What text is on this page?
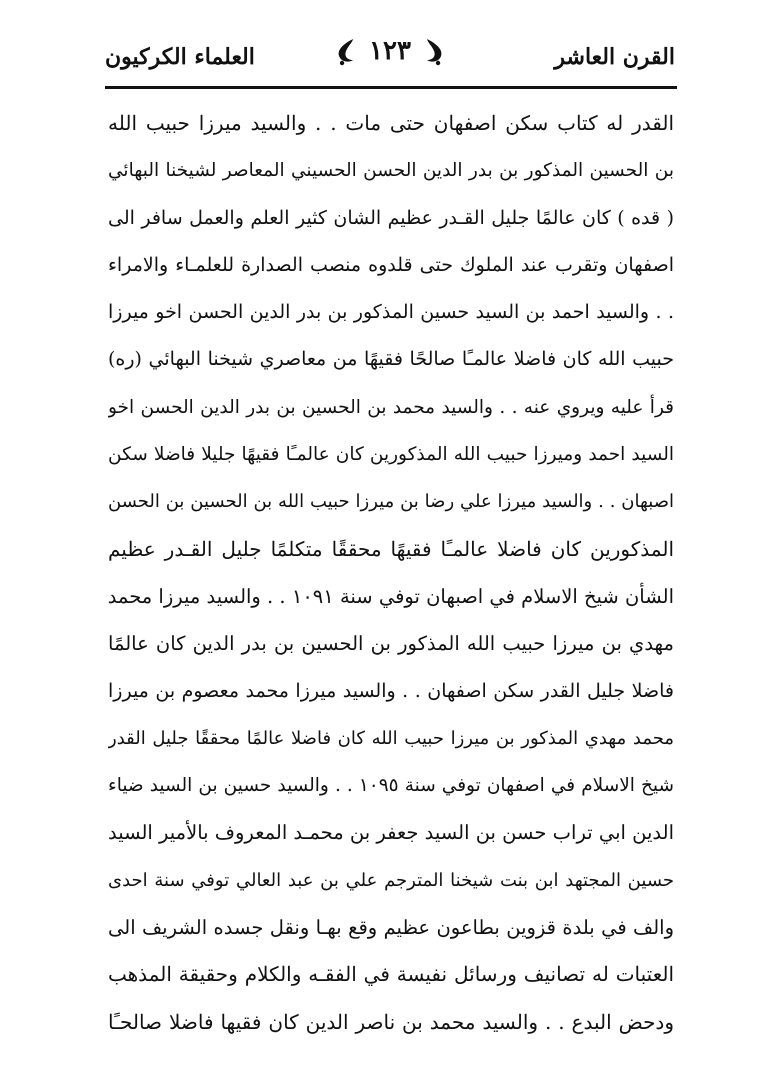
القرن العاشر
١٢٣
العلماء الكركيون
القدر له كتاب سكن اصفهان حتى مات . . والسيد ميرزا حبيب الله
بن الحسين المذكور بن بدر الدين الحسن الحسيني المعاصر لشيخنا البهائي
( قده ) كان عالمًا جليل القـدر عظيم الشان كثير العلم والعمل سافر الى
اصفهان وتقرب عند الملوك حتى قلدوه منصب الصدارة للعلمـاء والامراء
. . والسيد احمد بن السيد حسين المذكور بن بدر الدين الحسن اخو ميرزا
حبيب الله كان فاضلا عالمـًا صالحًا فقيهًا من معاصري شيخنا البهائي (ره)
قرأ عليه ويروي عنه . . والسيد محمد بن الحسين بن بدر الدين الحسن اخو
السيد احمد وميرزا حبيب الله المذكورين كان عالمـًا فقيهًا جليلا فاضلا سكن
اصبهان . . والسيد ميرزا علي رضا بن ميرزا حبيب الله بن الحسين بن الحسن
المذكورين كان فاضلا عالمـًا فقيهًا محققًا متكلمًا جليل القـدر عظيم
الشأن شيخ الاسلام في اصبهان توفي سنة ١٠٩١ . . والسيد ميرزا محمد
مهدي بن ميرزا حبيب الله المذكور بن الحسين بن بدر الدين كان عالمًا
فاضلا جليل القدر سكن اصفهان . . والسيد ميرزا محمد معصوم بن ميرزا
محمد مهدي المذكور بن ميرزا حبيب الله كان فاضلا عالمًا محققًا جليل القدر
شيخ الاسلام في اصفهان توفي سنة ١٠٩٥ . . والسيد حسين بن السيد ضياء
الدين ابي تراب حسن بن السيد جعفر بن محمـد المعروف بالأمير السيد
حسين المجتهد ابن بنت شيخنا المترجم علي بن عبد العالي توفي سنة احدى
والف في بلدة قزوين بطاعون عظيم وقع بهـا ونقل جسده الشريف الى
العتبات له تصانيف ورسائل نفيسة في الفقـه والكلام وحقيقة المذهب
ودحض البدع . . والسيد محمد بن ناصر الدين كان فقيها فاضلا صالحـًا
